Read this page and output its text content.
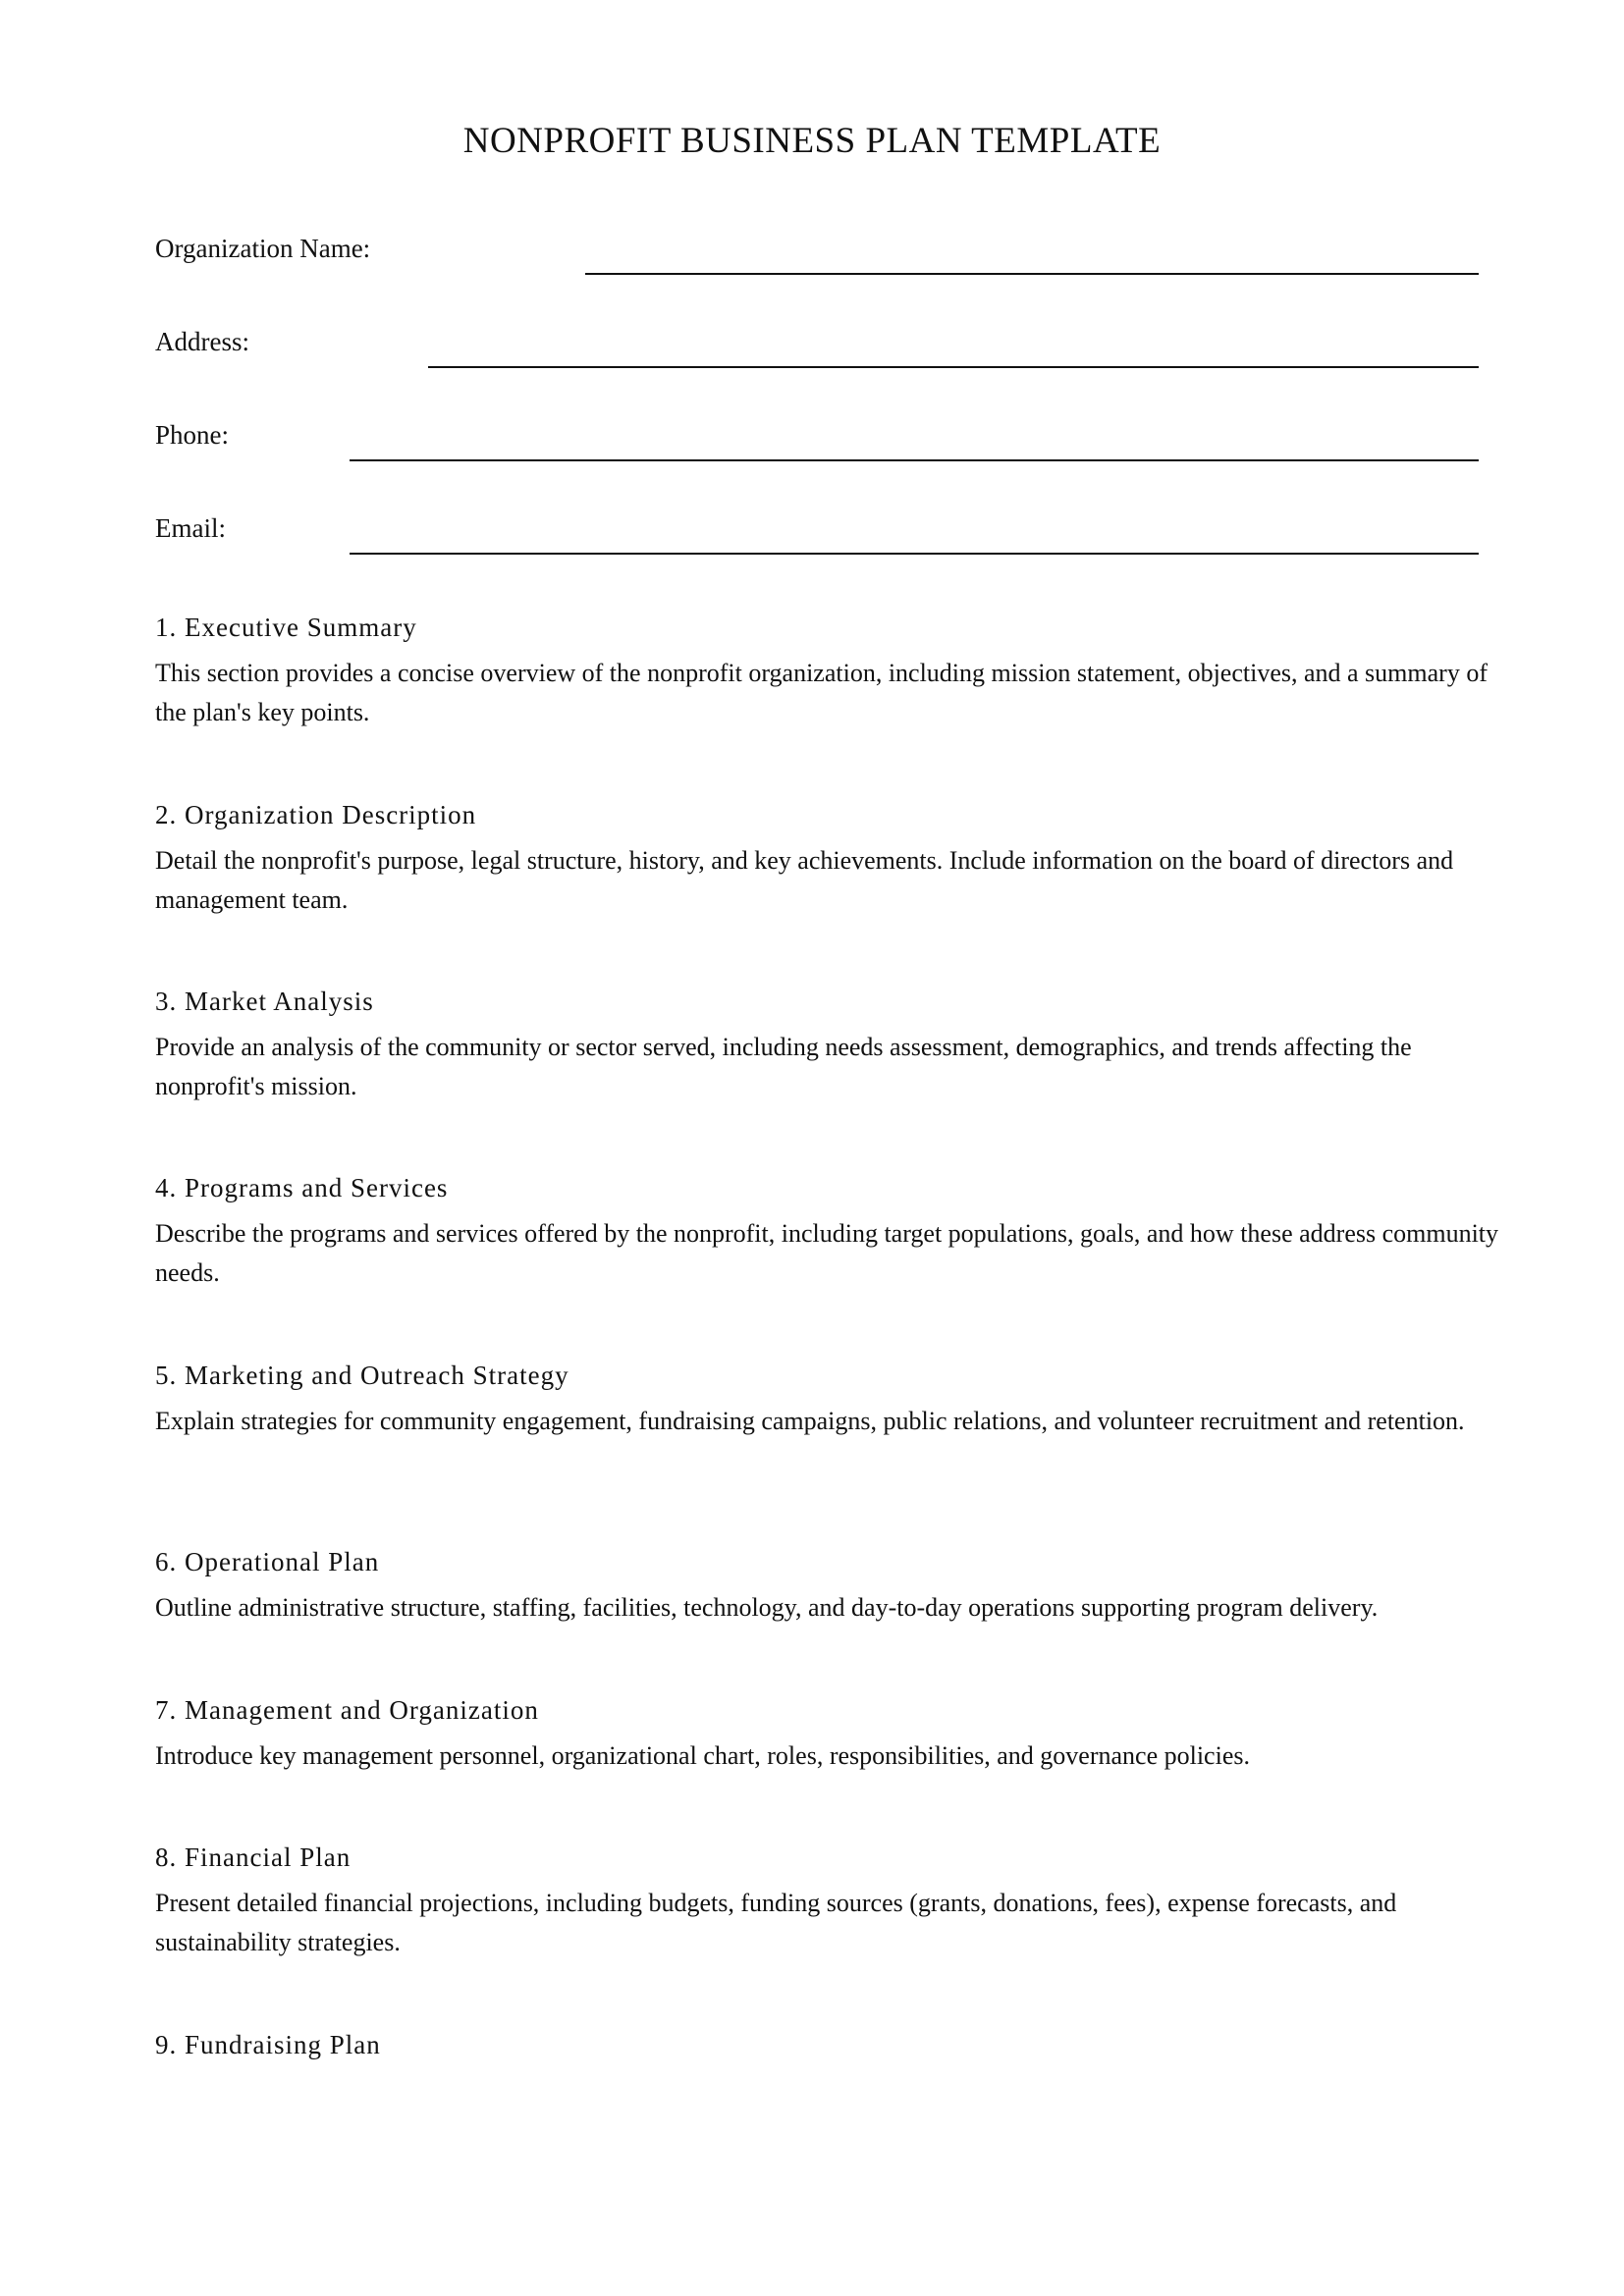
NONPROFIT BUSINESS PLAN TEMPLATE
Organization Name:
Address:
Phone:
Email:
1. Executive Summary

This section provides a concise overview of the nonprofit organization, including mission statement, objectives, and a summary of the plan's key points.

2. Organization Description

Detail the nonprofit's purpose, legal structure, history, and key achievements. Include information on the board of directors and management team.

3. Market Analysis

Provide an analysis of the community or sector served, including needs assessment, demographics, and trends affecting the nonprofit's mission.

4. Programs and Services

Describe the programs and services offered by the nonprofit, including target populations, goals, and how these address community needs.

5. Marketing and Outreach Strategy

Explain strategies for community engagement, fundraising campaigns, public relations, and volunteer recruitment and retention.

6. Operational Plan

Outline administrative structure, staffing, facilities, technology, and day-to-day operations supporting program delivery.

7. Management and Organization

Introduce key management personnel, organizational chart, roles, responsibilities, and governance policies.

8. Financial Plan

Present detailed financial projections, including budgets, funding sources (grants, donations, fees), expense forecasts, and sustainability strategies.

9. Fundraising Plan
